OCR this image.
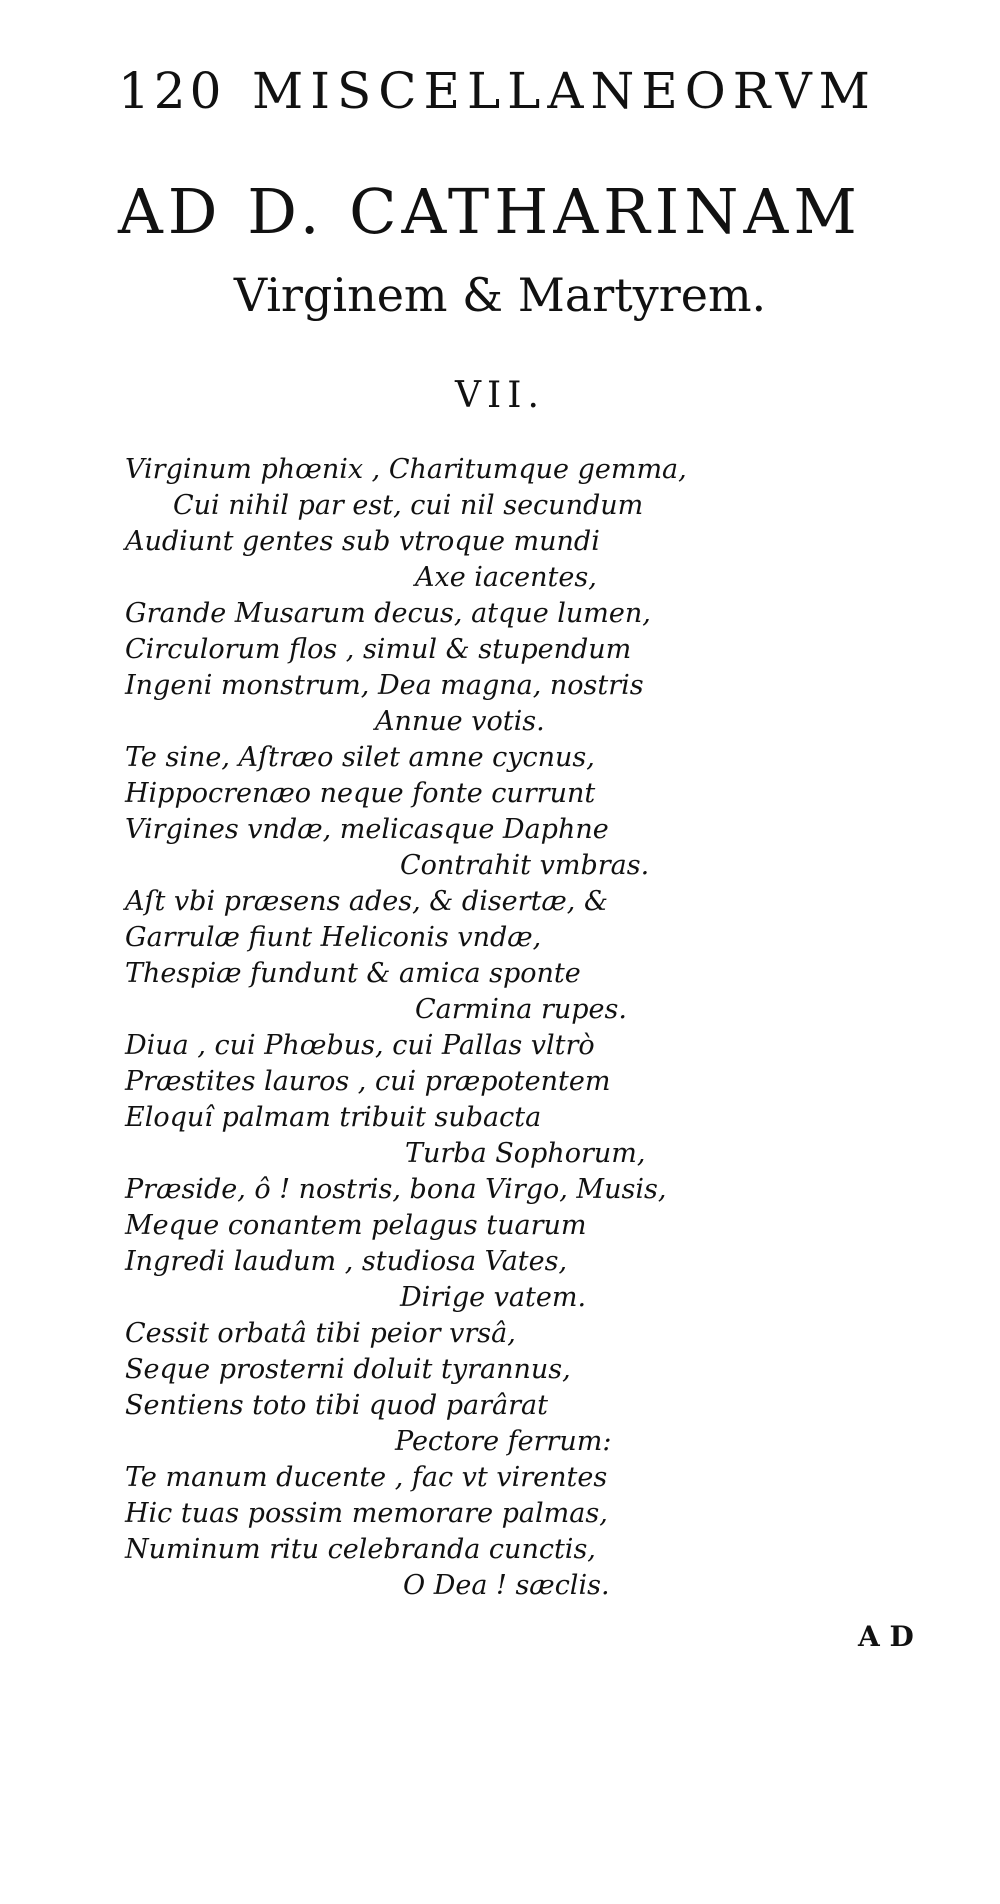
120 MISCELLANEORVM
AD D. CATHARINAM
Virginem & Martyrem.
VII.
Virginum phœnix , Charitumque gemma,
Cui nihil par est, cui nil secundum
Audiunt gentes sub vtroque mundi
Axe iacentes,
Grande Musarum decus, atque lumen,
Circulorum flos , simul & stupendum
Ingeni monstrum, Dea magna, nostris
Annue votis.
Te sine, Aſtræo silet amne cycnus,
Hippocrenæo neque fonte currunt
Virgines vndæ, melicasque Daphne
Contrahit vmbras.
Aſt vbi præsens ades, & disertæ, &
Garrulæ fiunt Heliconis vndæ,
Thespiæ fundunt & amica sponte
Carmina rupes.
Diua , cui Phœbus, cui Pallas vltrò
Præstites lauros , cui præpotentem
Eloquî palmam tribuit subacta
Turba Sophorum,
Præside, ô ! nostris, bona Virgo, Musis,
Meque conantem pelagus tuarum
Ingredi laudum , studiosa Vates,
Dirige vatem.
Cessit orbatâ tibi peior vrsâ,
Seque prosterni doluit tyrannus,
Sentiens toto tibi quod parârat
Pectore ferrum:
Te manum ducente , fac vt virentes
Hic tuas possim memorare palmas,
Numinum ritu celebranda cunctis,
O Dea ! sæclis.
A D
